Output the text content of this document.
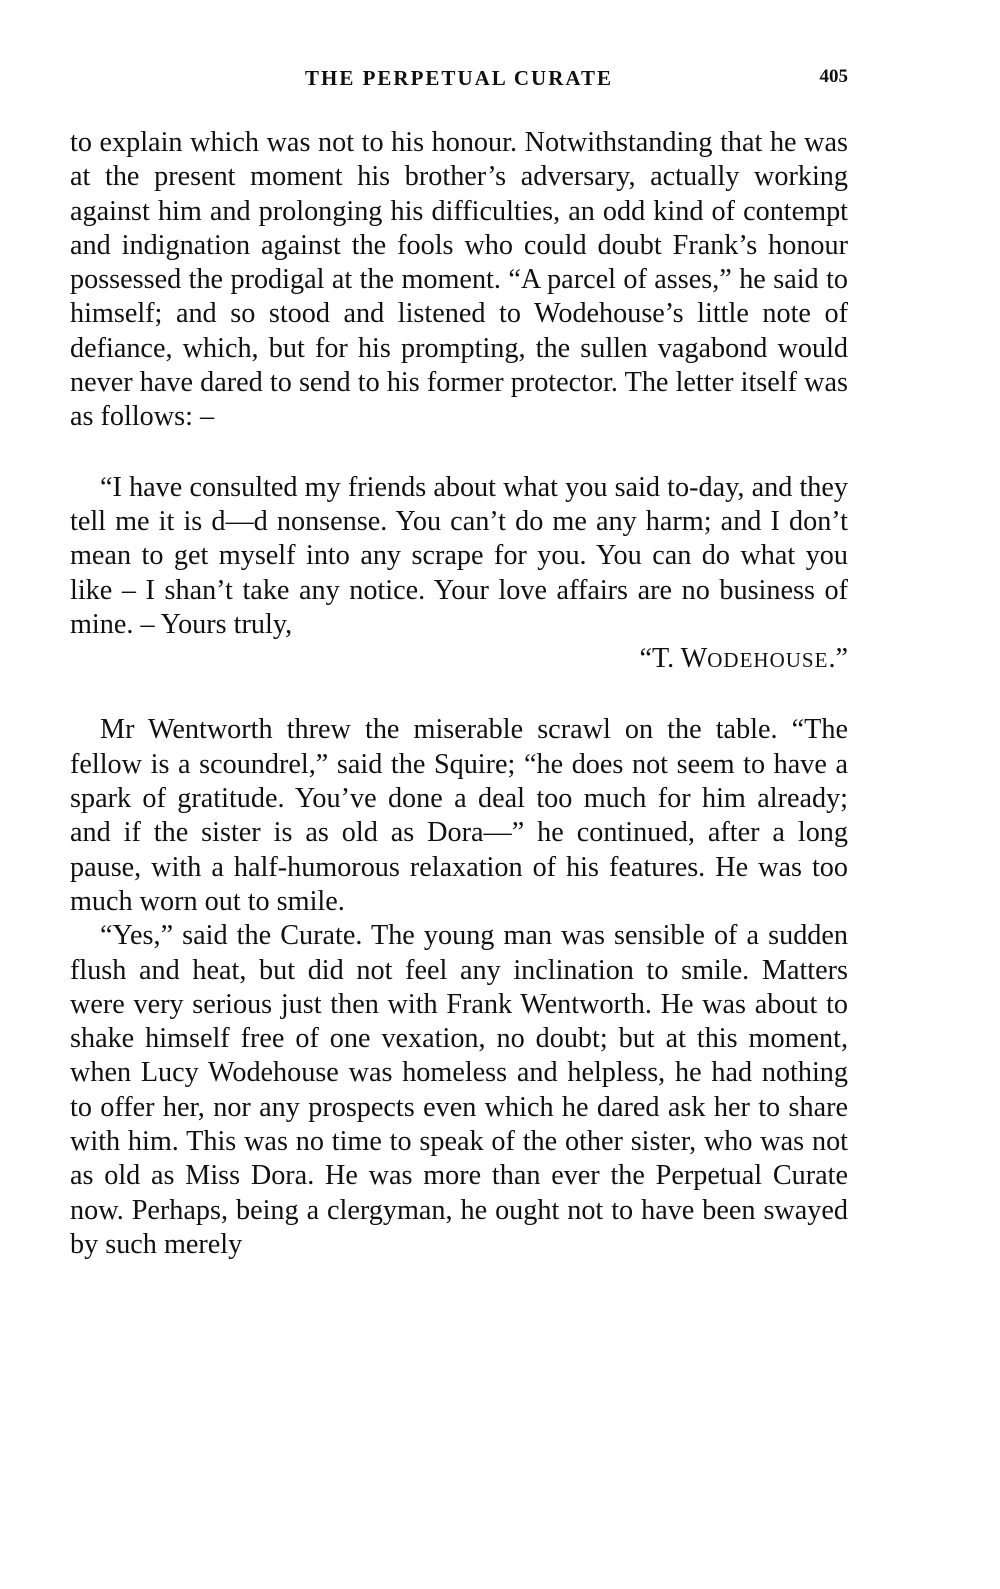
THE PERPETUAL CURATE	405

to explain which was not to his honour. Notwithstanding that he was at the present moment his brother’s adversary, actually working against him and prolonging his difficulties, an odd kind of contempt and indignation against the fools who could doubt Frank’s honour possessed the prodigal at the moment. “A parcel of asses,” he said to himself; and so stood and listened to Wodehouse’s little note of defiance, which, but for his prompting, the sullen vagabond would never have dared to send to his former protector. The letter itself was as follows: –

“I have consulted my friends about what you said to-day, and they tell me it is d—d nonsense. You can’t do me any harm; and I don’t mean to get myself into any scrape for you. You can do what you like – I shan’t take any notice. Your love affairs are no business of mine. – Yours truly,

“T. WODEHOUSE.”

Mr Wentworth threw the miserable scrawl on the table. “The fellow is a scoundrel,” said the Squire; “he does not seem to have a spark of gratitude. You’ve done a deal too much for him already; and if the sister is as old as Dora—” he continued, after a long pause, with a half-humorous relaxation of his features. He was too much worn out to smile.

“Yes,” said the Curate. The young man was sensible of a sudden flush and heat, but did not feel any inclination to smile. Matters were very serious just then with Frank Wentworth. He was about to shake himself free of one vexation, no doubt; but at this moment, when Lucy Wodehouse was homeless and helpless, he had nothing to offer her, nor any prospects even which he dared ask her to share with him. This was no time to speak of the other sister, who was not as old as Miss Dora. He was more than ever the Perpetual Curate now. Perhaps, being a clergyman, he ought not to have been swayed by such merely
